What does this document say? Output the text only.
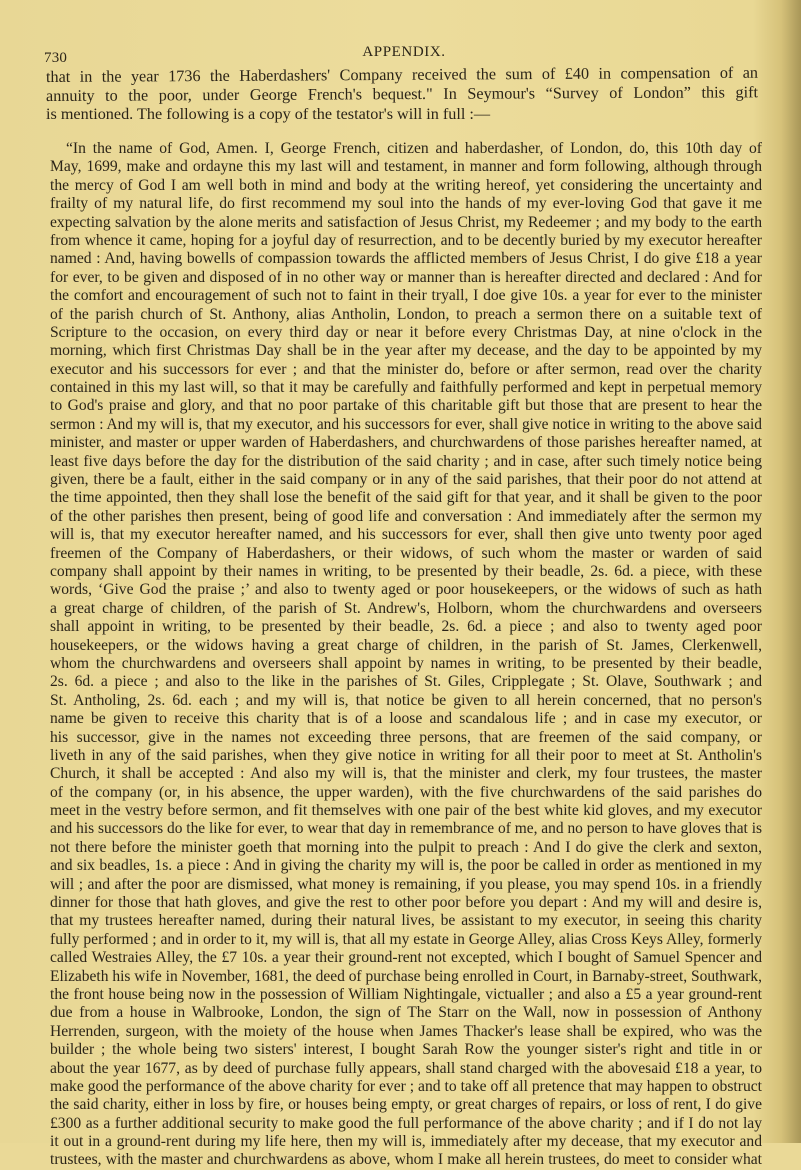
730	APPENDIX.
that in the year 1736 the Haberdashers' Company received the sum of £40 in compensation of an
annuity to the poor, under George French's bequest." In Seymour's “Survey of London” this gift
is mentioned. The following is a copy of the testator's will in full :—
“In the name of God, Amen. I, George French, citizen and haberdasher, of London, do, this 10th day of
May, 1699, make and ordayne this my last will and testament, in manner and form following, although through
the mercy of God I am well both in mind and body at the writing hereof, yet considering the uncertainty and
frailty of my natural life, do first recommend my soul into the hands of my ever-loving God that gave it me
expecting salvation by the alone merits and satisfaction of Jesus Christ, my Redeemer ; and my body to the earth
from whence it came, hoping for a joyful day of resurrection, and to be decently buried by my executor hereafter
named : And, having bowells of compassion towards the afflicted members of Jesus Christ, I do give £18 a year
for ever, to be given and disposed of in no other way or manner than is hereafter directed and declared : And for
the comfort and encouragement of such not to faint in their tryall, I doe give 10s. a year for ever to the minister
of the parish church of St. Anthony, alias Antholin, London, to preach a sermon there on a suitable text of
Scripture to the occasion, on every third day or near it before every Christmas Day, at nine o'clock in the
morning, which first Christmas Day shall be in the year after my decease, and the day to be appointed by my
executor and his successors for ever ; and that the minister do, before or after sermon, read over the charity
contained in this my last will, so that it may be carefully and faithfully performed and kept in perpetual memory
to God's praise and glory, and that no poor partake of this charitable gift but those that are present to hear the
sermon : And my will is, that my executor, and his successors for ever, shall give notice in writing to the above said
minister, and master or upper warden of Haberdashers, and churchwardens of those parishes hereafter named, at
least five days before the day for the distribution of the said charity ; and in case, after such timely notice being
given, there be a fault, either in the said company or in any of the said parishes, that their poor do not attend at
the time appointed, then they shall lose the benefit of the said gift for that year, and it shall be given to the poor
of the other parishes then present, being of good life and conversation : And immediately after the sermon my
will is, that my executor hereafter named, and his successors for ever, shall then give unto twenty poor aged
freemen of the Company of Haberdashers, or their widows, of such whom the master or warden of said
company shall appoint by their names in writing, to be presented by their beadle, 2s. 6d. a piece, with these
words, ‘Give God the praise ;’ and also to twenty aged or poor housekeepers, or the widows of such as hath
a great charge of children, of the parish of St. Andrew's, Holborn, whom the churchwardens and overseers
shall appoint in writing, to be presented by their beadle, 2s. 6d. a piece ; and also to twenty aged poor
housekeepers, or the widows having a great charge of children, in the parish of St. James, Clerkenwell,
whom the churchwardens and overseers shall appoint by names in writing, to be presented by their beadle,
2s. 6d. a piece ; and also to the like in the parishes of St. Giles, Cripplegate ; St. Olave, Southwark ; and
St. Antholing, 2s. 6d. each ; and my will is, that notice be given to all herein concerned, that no person's
name be given to receive this charity that is of a loose and scandalous life ; and in case my executor, or
his successor, give in the names not exceeding three persons, that are freemen of the said company, or
liveth in any of the said parishes, when they give notice in writing for all their poor to meet at St. Antholin's
Church, it shall be accepted : And also my will is, that the minister and clerk, my four trustees, the master
of the company (or, in his absence, the upper warden), with the five churchwardens of the said parishes do
meet in the vestry before sermon, and fit themselves with one pair of the best white kid gloves, and my executor
and his successors do the like for ever, to wear that day in remembrance of me, and no person to have gloves that is
not there before the minister goeth that morning into the pulpit to preach : And I do give the clerk and sexton,
and six beadles, 1s. a piece : And in giving the charity my will is, the poor be called in order as mentioned in my
will ; and after the poor are dismissed, what money is remaining, if you please, you may spend 10s. in a friendly
dinner for those that hath gloves, and give the rest to other poor before you depart : And my will and desire is,
that my trustees hereafter named, during their natural lives, be assistant to my executor, in seeing this charity
fully performed ; and in order to it, my will is, that all my estate in George Alley, alias Cross Keys Alley, formerly
called Westraies Alley, the £7 10s. a year their ground-rent not excepted, which I bought of Samuel Spencer and
Elizabeth his wife in November, 1681, the deed of purchase being enrolled in Court, in Barnaby-street, Southwark,
the front house being now in the possession of William Nightingale, victualler ; and also a £5 a year ground-rent
due from a house in Walbrooke, London, the sign of The Starr on the Wall, now in possession of Anthony
Herrenden, surgeon, with the moiety of the house when James Thacker's lease shall be expired, who was the
builder ; the whole being two sisters' interest, I bought Sarah Row the younger sister's right and title in or
about the year 1677, as by deed of purchase fully appears, shall stand charged with the abovesaid £18 a year, to
make good the performance of the above charity for ever ; and to take off all pretence that may happen to obstruct
the said charity, either in loss by fire, or houses being empty, or great charges of repairs, or loss of rent, I do give
£300 as a further additional security to make good the full performance of the above charity ; and if I do not lay
it out in a ground-rent during my life here, then my will is, immediately after my decease, that my executor and
trustees, with the master and churchwardens as above, whom I make all herein trustees, do meet to consider what
